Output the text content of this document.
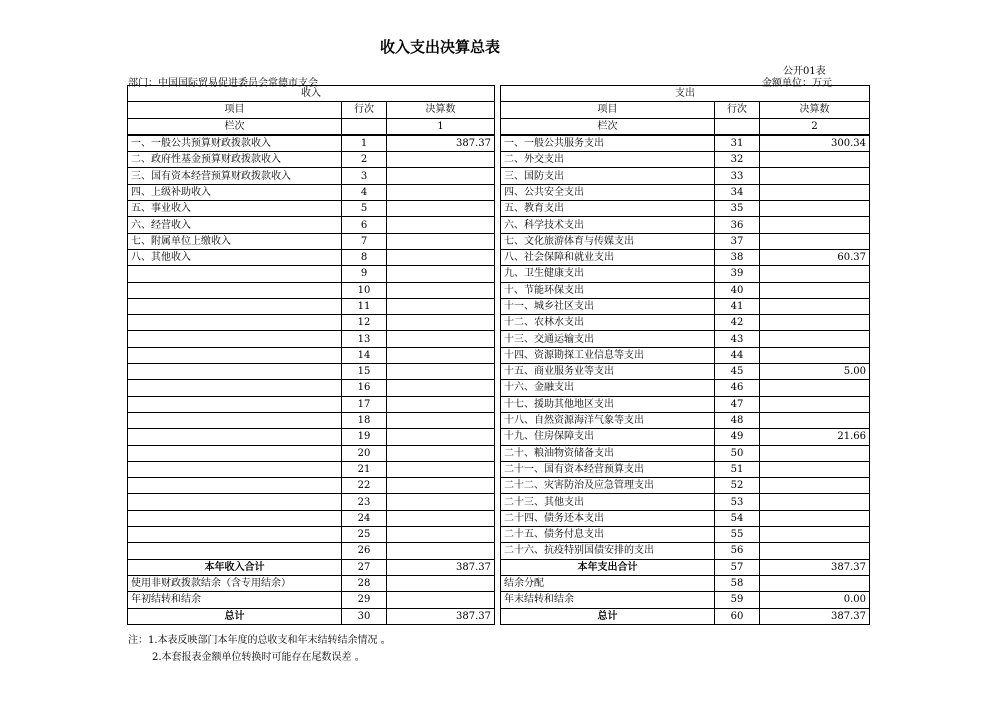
收入支出决算总表
公开01表
部门：中国国际贸易促进委员会常德市支会	金额单位：万元
收入				支出		
项目	行次	决算数		项目	行次	决算数
栏次		1		栏次		2
一、一般公共预算财政拨款收入	1	387.37		一、一般公共服务支出	31	300.34
二、政府性基金预算财政拨款收入	2			二、外交支出	32	
三、国有资本经营预算财政拨款收入	3			三、国防支出	33	
四、上级补助收入	4			四、公共安全支出	34	
五、事业收入	5			五、教育支出	35	
六、经营收入	6			六、科学技术支出	36	
七、附属单位上缴收入	7			七、文化旅游体育与传媒支出	37	
八、其他收入	8			八、社会保障和就业支出	38	60.37
	9			九、卫生健康支出	39	
	10			十、节能环保支出	40	
	11			十一、城乡社区支出	41	
	12			十二、农林水支出	42	
	13			十三、交通运输支出	43	
	14			十四、资源勘探工业信息等支出	44	
	15			十五、商业服务业等支出	45	5.00
	16			十六、金融支出	46	
	17			十七、援助其他地区支出	47	
	18			十八、自然资源海洋气象等支出	48	
	19			十九、住房保障支出	49	21.66
	20			二十、粮油物资储备支出	50	
	21			二十一、国有资本经营预算支出	51	
	22			二十二、灾害防治及应急管理支出	52	
	23			二十三、其他支出	53	
	24			二十四、债务还本支出	54	
	25			二十五、债务付息支出	55	
	26			二十六、抗疫特别国债安排的支出	56	
本年收入合计	27	387.37		本年支出合计	57	387.37
使用非财政拨款结余（含专用结余）	28			结余分配	58	
年初结转和结余	29			年末结转和结余	59	0.00
总计	30	387.37		总计	60	387.37
注：1.本表反映部门本年度的总收支和年末结转结余情况 。
2.本套报表金额单位转换时可能存在尾数误差 。
